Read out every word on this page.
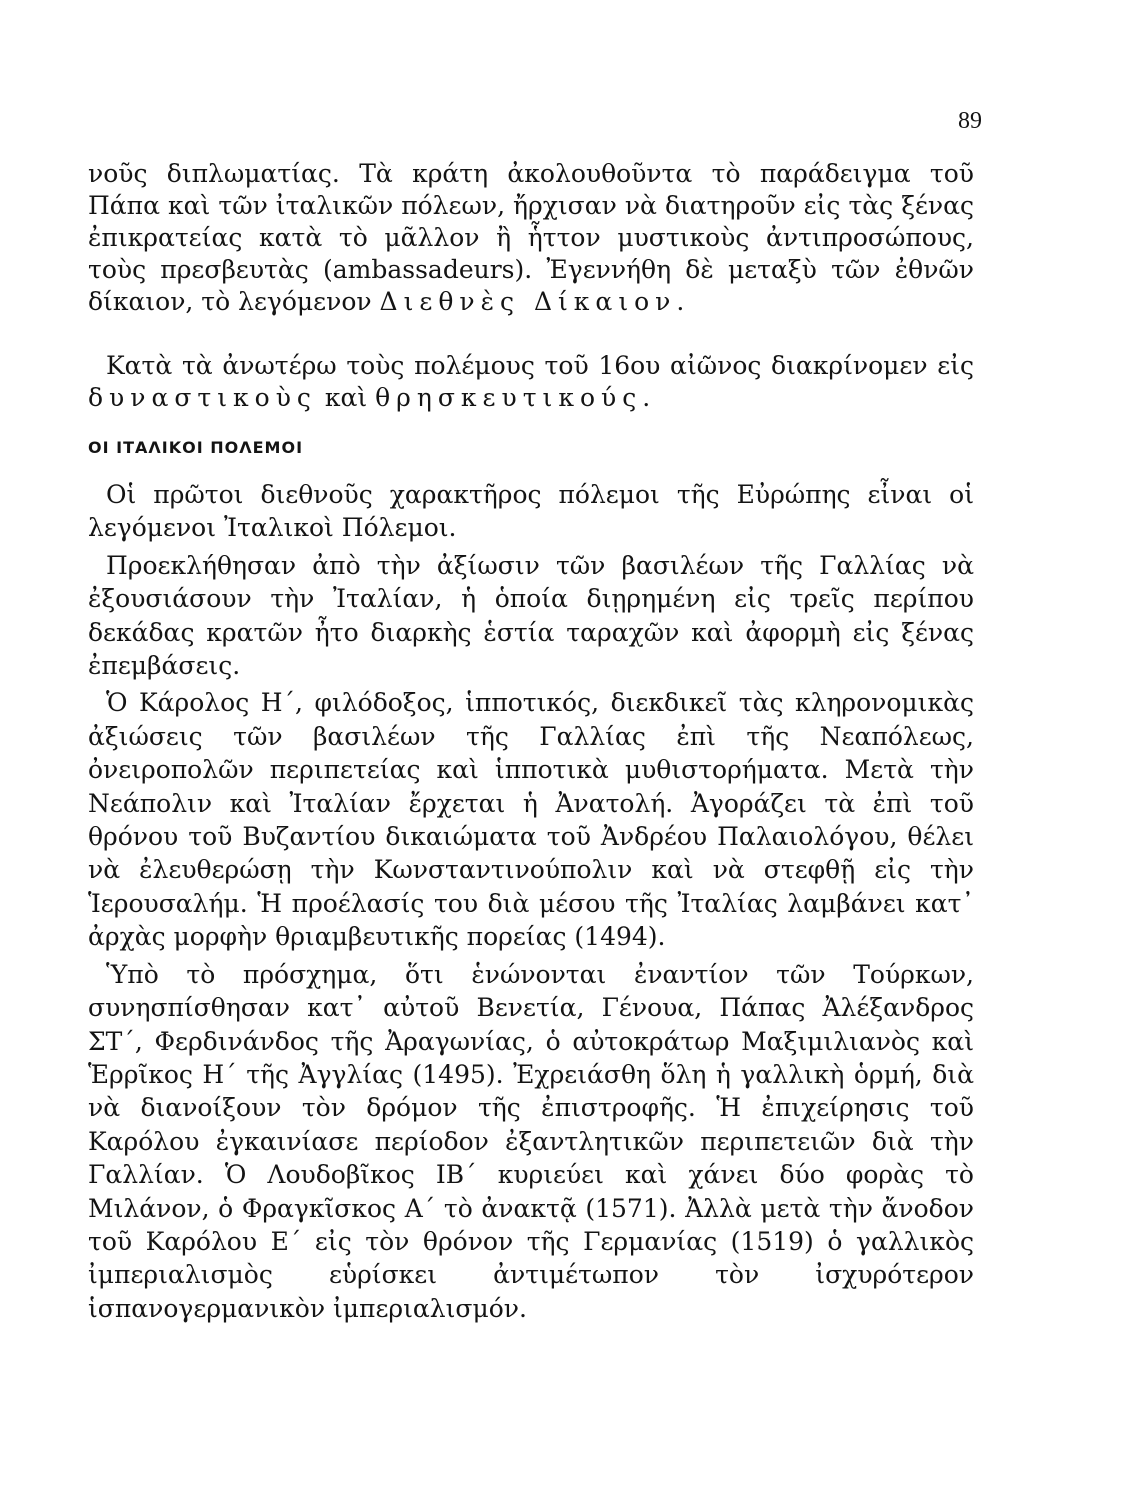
89

νοῦς διπλωματίας. Τὰ κράτη ἀκολουθοῦντα τὸ παράδειγμα τοῦ Πάπα καὶ τῶν ἰταλικῶν πόλεων, ἤρχισαν νὰ διατηροῦν εἰς τὰς ξένας ἐπικρατείας κατὰ τὸ μᾶλλον ἢ ἧττον μυστικοὺς ἀντιπροσώπους, τοὺς πρεσβευτὰς (ambassadeurs). Ἐγεννήθη δὲ μεταξὺ τῶν ἐθνῶν δίκαιον, τὸ λεγόμενον Διεθνὲς Δίκαιον.

Κατὰ τὰ ἀνωτέρω τοὺς πολέμους τοῦ 16ου αἰῶνος διακρίνομεν εἰς δυναστικοὺς καὶ θρησκευτικούς.

ΟΙ ΙΤΑΛΙΚΟΙ ΠΟΛΕΜΟΙ

Οἱ πρῶτοι διεθνοῦς χαρακτῆρος πόλεμοι τῆς Εὐρώπης εἶναι οἱ λεγόμενοι Ἰταλικοὶ Πόλεμοι.

Προεκλήθησαν ἀπὸ τὴν ἀξίωσιν τῶν βασιλέων τῆς Γαλλίας νὰ ἐξουσιάσουν τὴν Ἰταλίαν, ἡ ὁποία διῃρημένη εἰς τρεῖς περίπου δεκάδας κρατῶν ἦτο διαρκὴς ἑστία ταραχῶν καὶ ἀφορμὴ εἰς ξένας ἐπεμβάσεις.

Ὁ Κάρολος Η΄, φιλόδοξος, ἱπποτικός, διεκδικεῖ τὰς κληρονομικὰς ἀξιώσεις τῶν βασιλέων τῆς Γαλλίας ἐπὶ τῆς Νεαπόλεως, ὀνειροπολῶν περιπετείας καὶ ἱπποτικὰ μυθιστορήματα. Μετὰ τὴν Νεάπολιν καὶ Ἰταλίαν ἔρχεται ἡ Ἀνατολή. Ἀγοράζει τὰ ἐπὶ τοῦ θρόνου τοῦ Βυζαντίου δικαιώματα τοῦ Ἀνδρέου Παλαιολόγου, θέλει νὰ ἐλευθερώσῃ τὴν Κωνσταντινούπολιν καὶ νὰ στεφθῇ εἰς τὴν Ἱερουσαλήμ. Ἡ προέλασίς του διὰ μέσου τῆς Ἰταλίας λαμβάνει κατ᾽ ἀρχὰς μορφὴν θριαμβευτικῆς πορείας (1494).

Ὑπὸ τὸ πρόσχημα, ὅτι ἑνώνονται ἐναντίον τῶν Τούρκων, συνησπίσθησαν κατ᾽ αὐτοῦ Βενετία, Γένουα, Πάπας Ἀλέξανδρος ΣΤ΄, Φερδινάνδος τῆς Ἀραγωνίας, ὁ αὐτοκράτωρ Μαξιμιλιανὸς καὶ Ἑρρῖκος Η΄ τῆς Ἀγγλίας (1495). Ἐχρειάσθη ὅλη ἡ γαλλικὴ ὁρμή, διὰ νὰ διανοίξουν τὸν δρόμον τῆς ἐπιστροφῆς. Ἡ ἐπιχείρησις τοῦ Καρόλου ἐγκαινίασε περίοδον ἐξαντλητικῶν περιπετειῶν διὰ τὴν Γαλλίαν. Ὁ Λουδοβῖκος ΙΒ΄ κυριεύει καὶ χάνει δύο φορὰς τὸ Μιλάνον, ὁ Φραγκῖσκος Α΄ τὸ ἀνακτᾷ (1571). Ἀλλὰ μετὰ τὴν ἄνοδον τοῦ Καρόλου Ε΄ εἰς τὸν θρόνον τῆς Γερμανίας (1519) ὁ γαλλικὸς ἰμπεριαλισμὸς εὑρίσκει ἀντιμέτωπον τὸν ἰσχυρότερον ἱσπανογερμανικὸν ἰμπεριαλισμόν.
